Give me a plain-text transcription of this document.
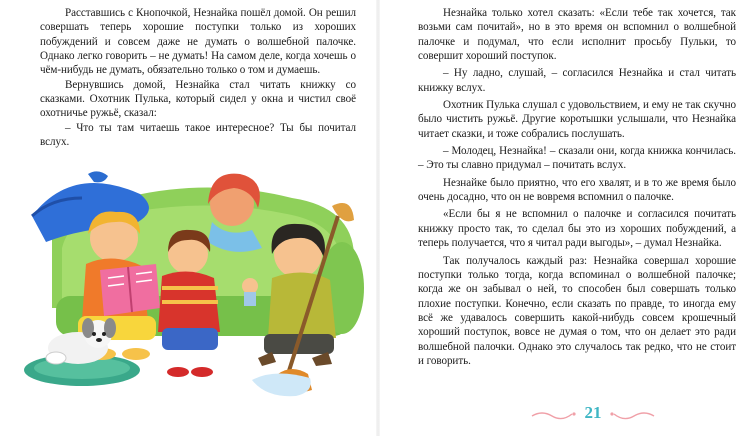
Расставшись с Кнопочкой, Незнайка пошёл домой. Он решил совершать теперь хорошие поступки только из хороших побуждений и совсем даже не думать о волшебной палочке. Однако легко говорить – не думать! На самом деле, когда хочешь о чём-нибудь не думать, обязательно только о том и думаешь.

Вернувшись домой, Незнайка стал читать книжку со сказками. Охотник Пулька, который сидел у окна и чистил своё охотничье ружьё, сказал:

– Что ты там читаешь такое интересное? Ты бы почитал вслух.

Незнайка только хотел сказать: «Если тебе так хочется, так возьми сам почитай», но в это время он вспомнил о волшебной палочке и подумал, что если исполнит просьбу Пульки, то совершит хороший поступок.

– Ну ладно, слушай, – согласился Незнайка и стал читать книжку вслух.

Охотник Пулька слушал с удовольствием, и ему не так скучно было чистить ружьё. Другие коротышки услышали, что Незнайка читает сказки, и тоже собрались послушать.

– Молодец, Незнайка! – сказали они, когда книжка кончилась. – Это ты славно придумал – почитать вслух.

Незнайке было приятно, что его хвалят, и в то же время было очень досадно, что он не вовремя вспомнил о палочке.

«Если бы я не вспомнил о палочке и согласился почитать книжку просто так, то сделал бы это из хороших побуждений, а теперь получается, что я читал ради выгоды», – думал Незнайка.

Так получалось каждый раз: Незнайка совершал хорошие поступки только тогда, когда вспоминал о волшебной палочке; когда же он забывал о ней, то способен был совершать только плохие поступки. Конечно, если сказать по правде, то иногда ему всё же удавалось совершить какой-нибудь совсем крошечный хороший поступок, вовсе не думая о том, что он делает это ради волшебной палочки. Однако это случалось так редко, что не стоит и говорить.

21
